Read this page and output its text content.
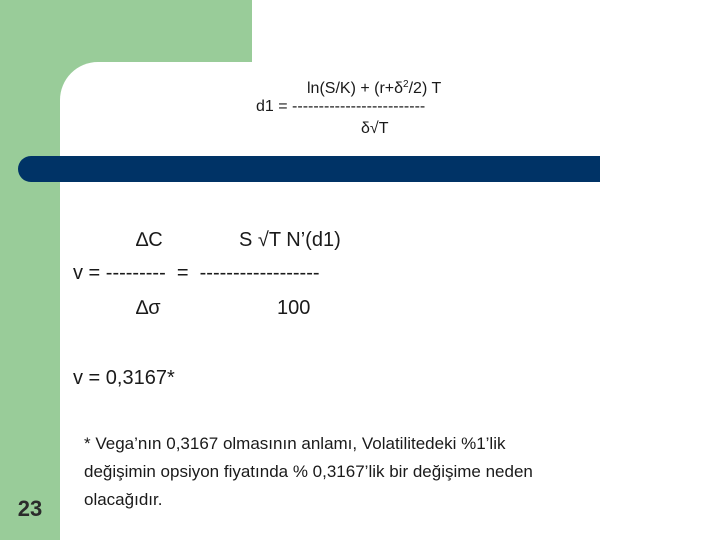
$\ln(S/K) + (r+\delta^2/2)$ T
d1 = -------------------------
δ√T
∆C	S √T N’(d1)
v = ---------  =  ------------------
∆σ	100
v = 0,3167*
* Vega’nın 0,3167 olmasının anlamı, Volatilitedeki %1’lik
değişimin opsiyon fiyatında % 0,3167’lik bir değişime neden
olacağıdır.
23
